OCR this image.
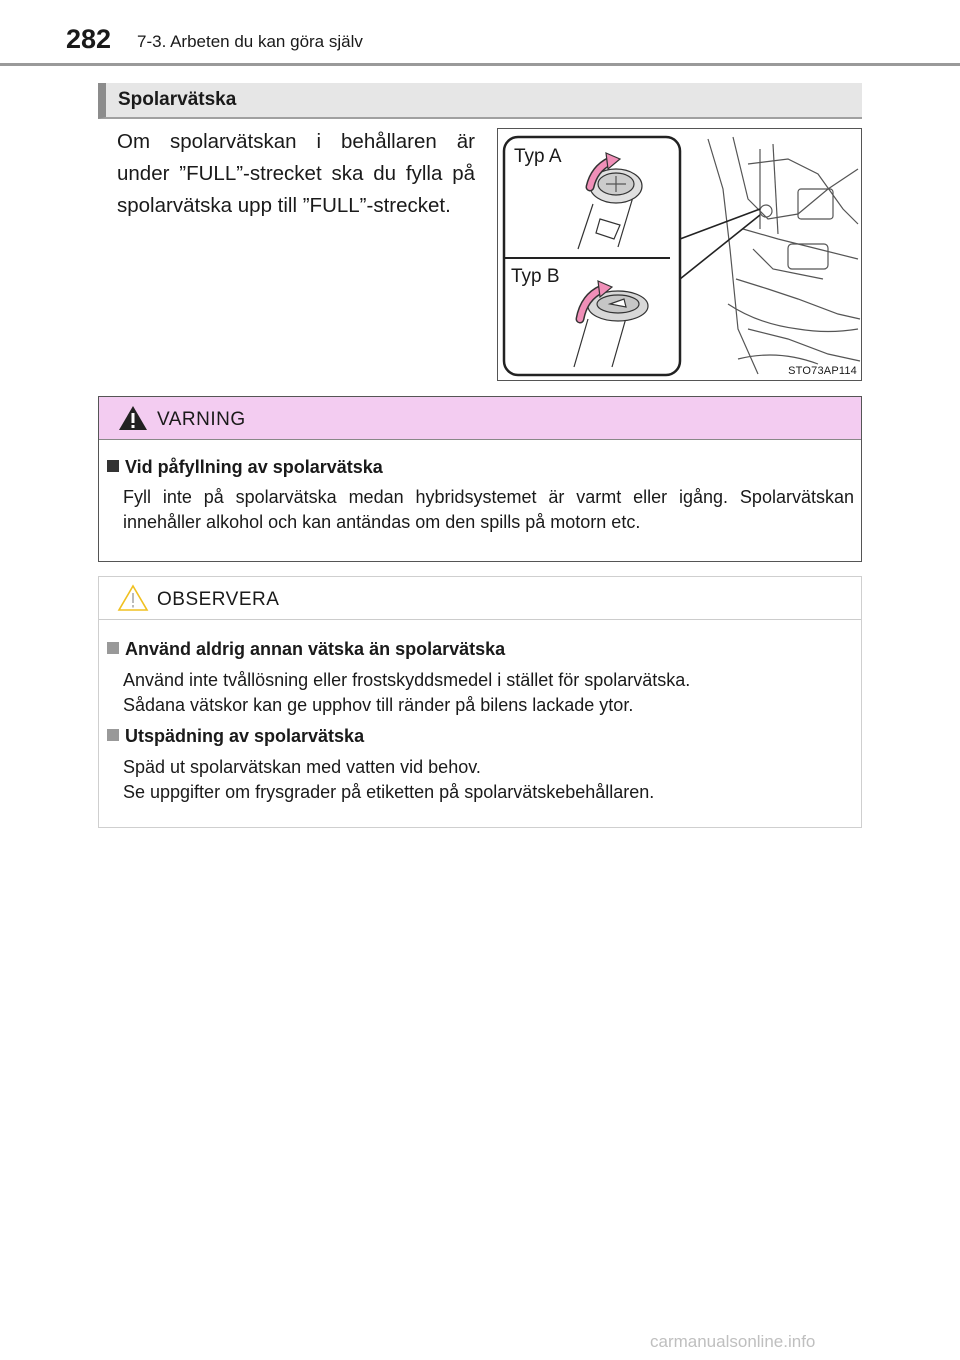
282 7-3. Arbeten du kan göra själv
Spolarvätska
Om spolarvätskan i behållaren är under ”FULL”-strecket ska du fylla på spolarvätska upp till ”FULL”-strecket.
Typ A
Typ B
STO73AP114
VARNING
Vid påfyllning av spolarvätska
Fyll inte på spolarvätska medan hybridsystemet är varmt eller igång. Spolarvätskan innehåller alkohol och kan antändas om den spills på motorn etc.
OBSERVERA
Använd aldrig annan vätska än spolarvätska
Använd inte tvållösning eller frostskyddsmedel i stället för spolarvätska.
Sådana vätskor kan ge upphov till ränder på bilens lackade ytor.
Utspädning av spolarvätska
Späd ut spolarvätskan med vatten vid behov.
Se uppgifter om frysgrader på etiketten på spolarvätskebehållaren.
carmanualsonline.info
